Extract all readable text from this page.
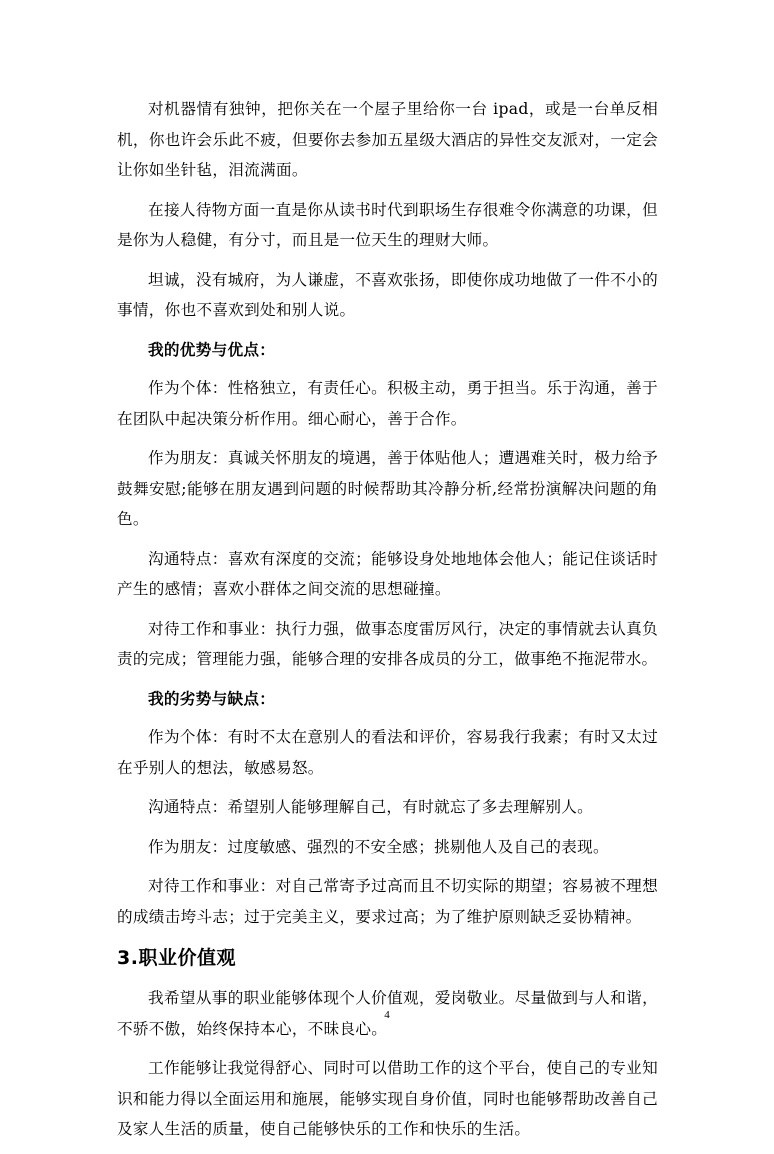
对机器情有独钟，把你关在一个屋子里给你一台 ipad，或是一台单反相机，你也许会乐此不疲，但要你去参加五星级大酒店的异性交友派对，一定会让你如坐针毡，泪流满面。

在接人待物方面一直是你从读书时代到职场生存很难令你满意的功课，但是你为人稳健，有分寸，而且是一位天生的理财大师。

坦诚，没有城府，为人谦虚，不喜欢张扬，即使你成功地做了一件不小的事情，你也不喜欢到处和别人说。

我的优势与优点：

作为个体：性格独立，有责任心。积极主动，勇于担当。乐于沟通，善于在团队中起决策分析作用。细心耐心，善于合作。

作为朋友：真诚关怀朋友的境遇，善于体贴他人；遭遇难关时，极力给予鼓舞安慰;能够在朋友遇到问题的时候帮助其冷静分析,经常扮演解决问题的角色。

沟通特点：喜欢有深度的交流；能够设身处地地体会他人；能记住谈话时产生的感情；喜欢小群体之间交流的思想碰撞。

对待工作和事业：执行力强，做事态度雷厉风行，决定的事情就去认真负责的完成；管理能力强，能够合理的安排各成员的分工，做事绝不拖泥带水。

我的劣势与缺点：

作为个体：有时不太在意别人的看法和评价，容易我行我素；有时又太过在乎别人的想法，敏感易怒。

沟通特点：希望别人能够理解自己，有时就忘了多去理解别人。

作为朋友：过度敏感、强烈的不安全感；挑剔他人及自己的表现。

对待工作和事业：对自己常寄予过高而且不切实际的期望；容易被不理想的成绩击垮斗志；过于完美主义，要求过高；为了维护原则缺乏妥协精神。

3.职业价值观

我希望从事的职业能够体现个人价值观，爱岗敬业。尽量做到与人和谐，不骄不傲，始终保持本心，不昧良心。

工作能够让我觉得舒心、同时可以借助工作的这个平台，使自己的专业知识和能力得以全面运用和施展，能够实现自身价值，同时也能够帮助改善自己及家人生活的质量，使自己能够快乐的工作和快乐的生活。

4
